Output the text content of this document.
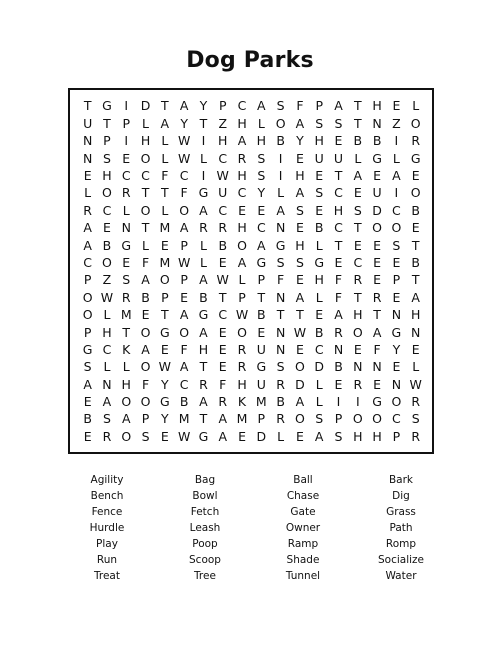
Dog Parks
T G	I	D T A Y P C A S F P A T H E L
U T P L A Y T Z H L O A S S T N Z O
N P	I	H L W I	H A H B Y H E B B	I	R
N S E O L W L C R S	I	E U U L G L G
E H C C F C	I W H S	I	H E T A E A E
L O R T T F G U C Y L A S C E U	I	O
R C L O L O A C E E A S E H S D C B
A E N T M A R R H C N E B C T O O E
A B G L E P L B O A G H L T E E S T
C O E F M W L E A G S S G E C E E B
P Z S A O P A W L P F E H F R E P T
O W R B P E B T P T N A L F T R E A
O L M E T A G C W B T T E A H T N H
P H T O G O A E O E N W B R O A G N
G C K A E F H E R U N E C N E F Y E
S L L O W A T E R G S O D B N N E L
A N H F Y C R F H U R D L E R E N W
E A O O G B A R K M B A L	I	I	G O R
B S A P Y M T A M P R O S P O O C S
E R O S E W G A E D L E A S H H P R
Agility	Bag	Ball	Bark
Bench	Bowl	Chase	Dig
Fence	Fetch	Gate	Grass
Hurdle	Leash	Owner	Path
Play	Poop	Ramp	Romp
Run	Scoop	Shade	Socialize
Treat	Tree	Tunnel	Water
